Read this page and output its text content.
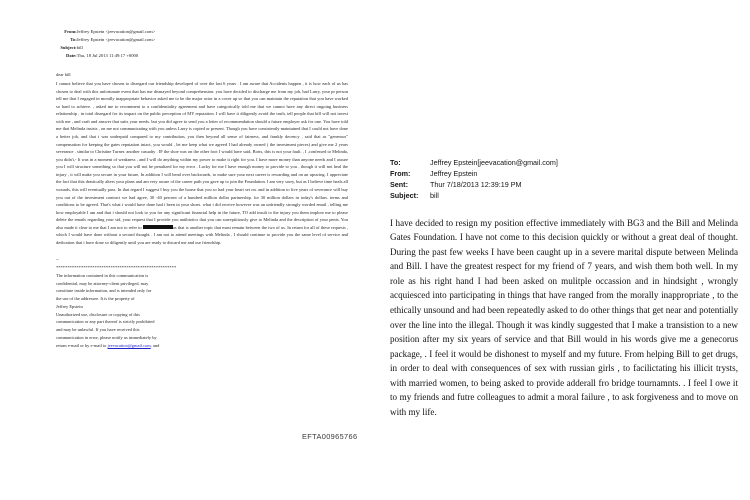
From:	Jeffrey Epstein <jeevacation@gmail.com>
To:	Jeffrey Epstein <jeevacation@gmail.com>
Subject:	bill
Date:	Thu, 18 Jul 2013 11:49:17 +0000
dear bill

I cannot believe that you have chosen to disregard our friendship developed of over the last 6 years . I am aware that Accidents happen , it is how each of us has chosen to deal with this unfortunate event that has me dismayed beyond comprehension. you have decided to discharge me from my job, had Larry, your pr person tell me that I engaged in morally inappropriate behavior asked me to be the major actor in a cover up so that you can maintain the reputation that you have worked so hard to achieve. , asked me to recomment to a confidentiality agreement and have categorically told me that we cannot have any direct ongoing business relationship , in total disregard for its impact on the public perception of MY reputation. I will have ti diligently avoid the truth, tell people that bill will not invest with me , and craft and answer that suits your needs. but you did agree to send you a letter of recommendation should a future employer ask for one. You have told me that Melinda insists , on me not communicating with you unless Larry is copied or present. Though you have consistently maintained that I could not have done a better job, and that i was underpaid compared to my contribution, you then beyond all sense of fairness, and frankly decency , said that as "generous" compensation for keeping the gates reputation intact, you would , let me keep what we agreed I had already owned ( the investment pieces) and give me 2 years severance . similar to Christine Turner. another casualty . IF the shoe was on the other foot I would have said, Boris, this is not your fault. , I ,confessed to Melinda, you didn't,- It was in a moment of weakness , and I will do anything within my power to make it right for you. I have more money than anyone needs and I assure you I will structure something so that you will not be penalized for my error . Lucky for me I have enough money to provide to you , though it will not heal the injury , it will make you secure in your future, In addition I will bend over backwards, to make sure your next career is rewarding and on an upswing. I appreciate the fact that this drastically alters your plans and am very aware of the career path you gave up to join the Foundation. I am very sorry, but as I believe time heals all wounds, this will eventually pass. In that regard I suggest I buy you the house that you so had your heart set on. and in addition to five years of severance will buy you out of the investment contract we had agree, 30 -40 percent of a hundred million dollar partnership. for 30 million dollars in today's dollars. terms and conditions to be agreed. That's what i would have done had i been in your shoes. what i did receive however was an unfriendly strongly worded email , telling me how employable I am and that i should not look to you for any significant financial help in the future, TO add insult to the injury you them implore me to please delete the emails regarding your std, your request that I provide you antibiotics that you can surreptitiously give to Melinda and the description of your penis. You also made it clear to me that I am not to refer to	as that is another topic that must remain between the two of us. In return for all of these requests , which I would have done without a second thought . I am not to attend meetings with Melinda , I should continue to provide you the same level of service and dedication that i have done so diligently until you are ready to discard me and our friendship.

--
*****************************************************
The information contained in this communication is
confidential, may be attorney-client privileged, may
constitute inside information, and is intended only for
the use of the addressee. It is the property of
Jeffrey Epstein
Unauthorized use, disclosure or copying of this
communication or any part thereof is strictly prohibited
and may be unlawful. If you have received this
communication in error, please notify us immediately by
return e-mail or by e-mail to jeevacation@gmail.com, and
To:	Jeffrey Epstein[jeevacation@gmail.com]
From:	Jeffrey Epstein
Sent:	Thur 7/18/2013 12:39:19 PM
Subject:	bill
I have decided to resign my position effective immediately with BG3 and the Bill and Melinda Gates Foundation. I have not come to this decision quickly or without a great deal of thought. During the past few weeks I have been caught up in a severe marital dispute between Melinda and Bill. I have the greatest respect for my friend of 7 years, and wish them both well. In my role as his right hand I had been asked on mulitple occassion and in hindsight , wrongly acquiesced into participating in things that have ranged from the morally inappropriate , to the ethically unsound and had been repeatedly asked to do other things that get near and potentially over the line into the illegal. Though it was kindly suggested that I make a transistion to a new position after my six years of service and that Bill would in his words give me a genecorus package, . I feel it would be dishonest to myself and my future. From helping Bill to get drugs, in order to deal with consequences of sex with russian girls , to facilictating his illicit trysts, with married women, to being asked to provide adderall fro bridge tournamnts. . I feel I owe it to my friends and futre colleagues to admit a moral failure , to ask forgiveness and to move on with my life.
EFTA00965766
